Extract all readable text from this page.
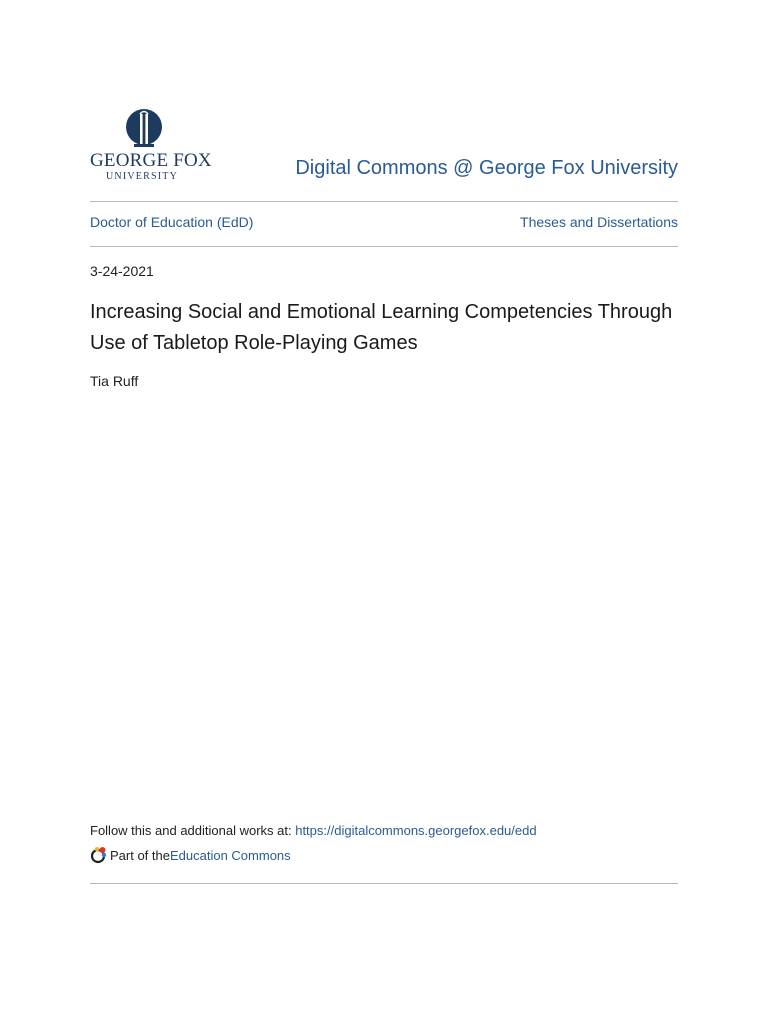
GEORGE FOX
UNIVERSITY	Digital Commons @ George Fox University
Doctor of Education (EdD)	Theses and Dissertations
3-24-2021
Increasing Social and Emotional Learning Competencies Through Use of Tabletop Role-Playing Games
Tia Ruff
Follow this and additional works at: https://digitalcommons.georgefox.edu/edd
Part of the Education Commons
